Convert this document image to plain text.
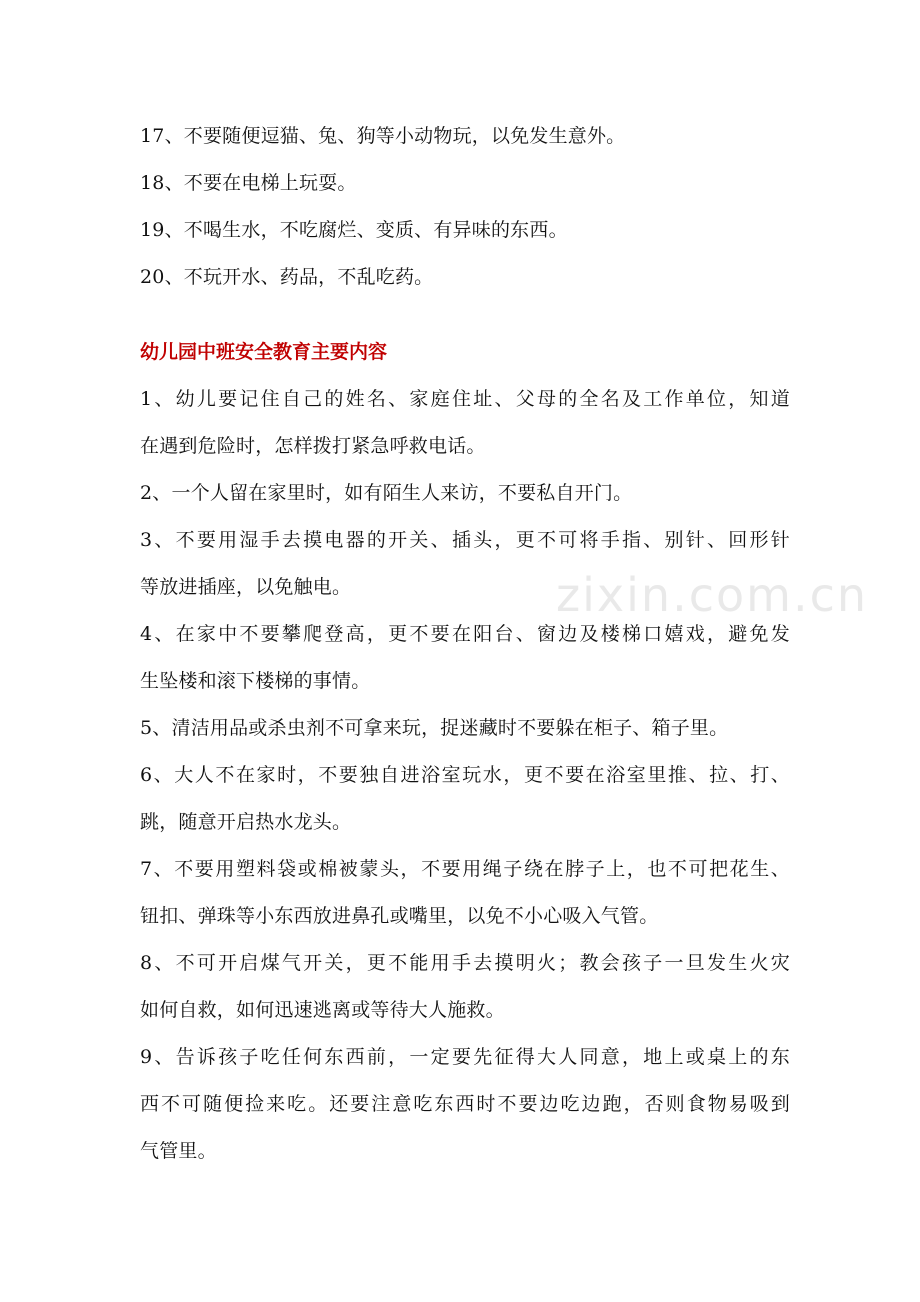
zixin.com.cn
17、不要随便逗猫、兔、狗等小动物玩，以免发生意外。
18、不要在电梯上玩耍。
19、不喝生水，不吃腐烂、变质、有异味的东西。
20、不玩开水、药品，不乱吃药。
幼儿园中班安全教育主要内容
1、幼儿要记住自己的姓名、家庭住址、父母的全名及工作单位，知道
在遇到危险时，怎样拨打紧急呼救电话。
2、一个人留在家里时，如有陌生人来访，不要私自开门。
3、不要用湿手去摸电器的开关、插头，更不可将手指、别针、回形针
等放进插座，以免触电。
4、在家中不要攀爬登高，更不要在阳台、窗边及楼梯口嬉戏，避免发
生坠楼和滚下楼梯的事情。
5、清洁用品或杀虫剂不可拿来玩，捉迷藏时不要躲在柜子、箱子里。
6、大人不在家时，不要独自进浴室玩水，更不要在浴室里推、拉、打、
跳，随意开启热水龙头。
7、不要用塑料袋或棉被蒙头，不要用绳子绕在脖子上，也不可把花生、
钮扣、弹珠等小东西放进鼻孔或嘴里，以免不小心吸入气管。
8、不可开启煤气开关，更不能用手去摸明火；教会孩子一旦发生火灾
如何自救，如何迅速逃离或等待大人施救。
9、告诉孩子吃任何东西前，一定要先征得大人同意，地上或桌上的东
西不可随便捡来吃。还要注意吃东西时不要边吃边跑，否则食物易吸到
气管里。
